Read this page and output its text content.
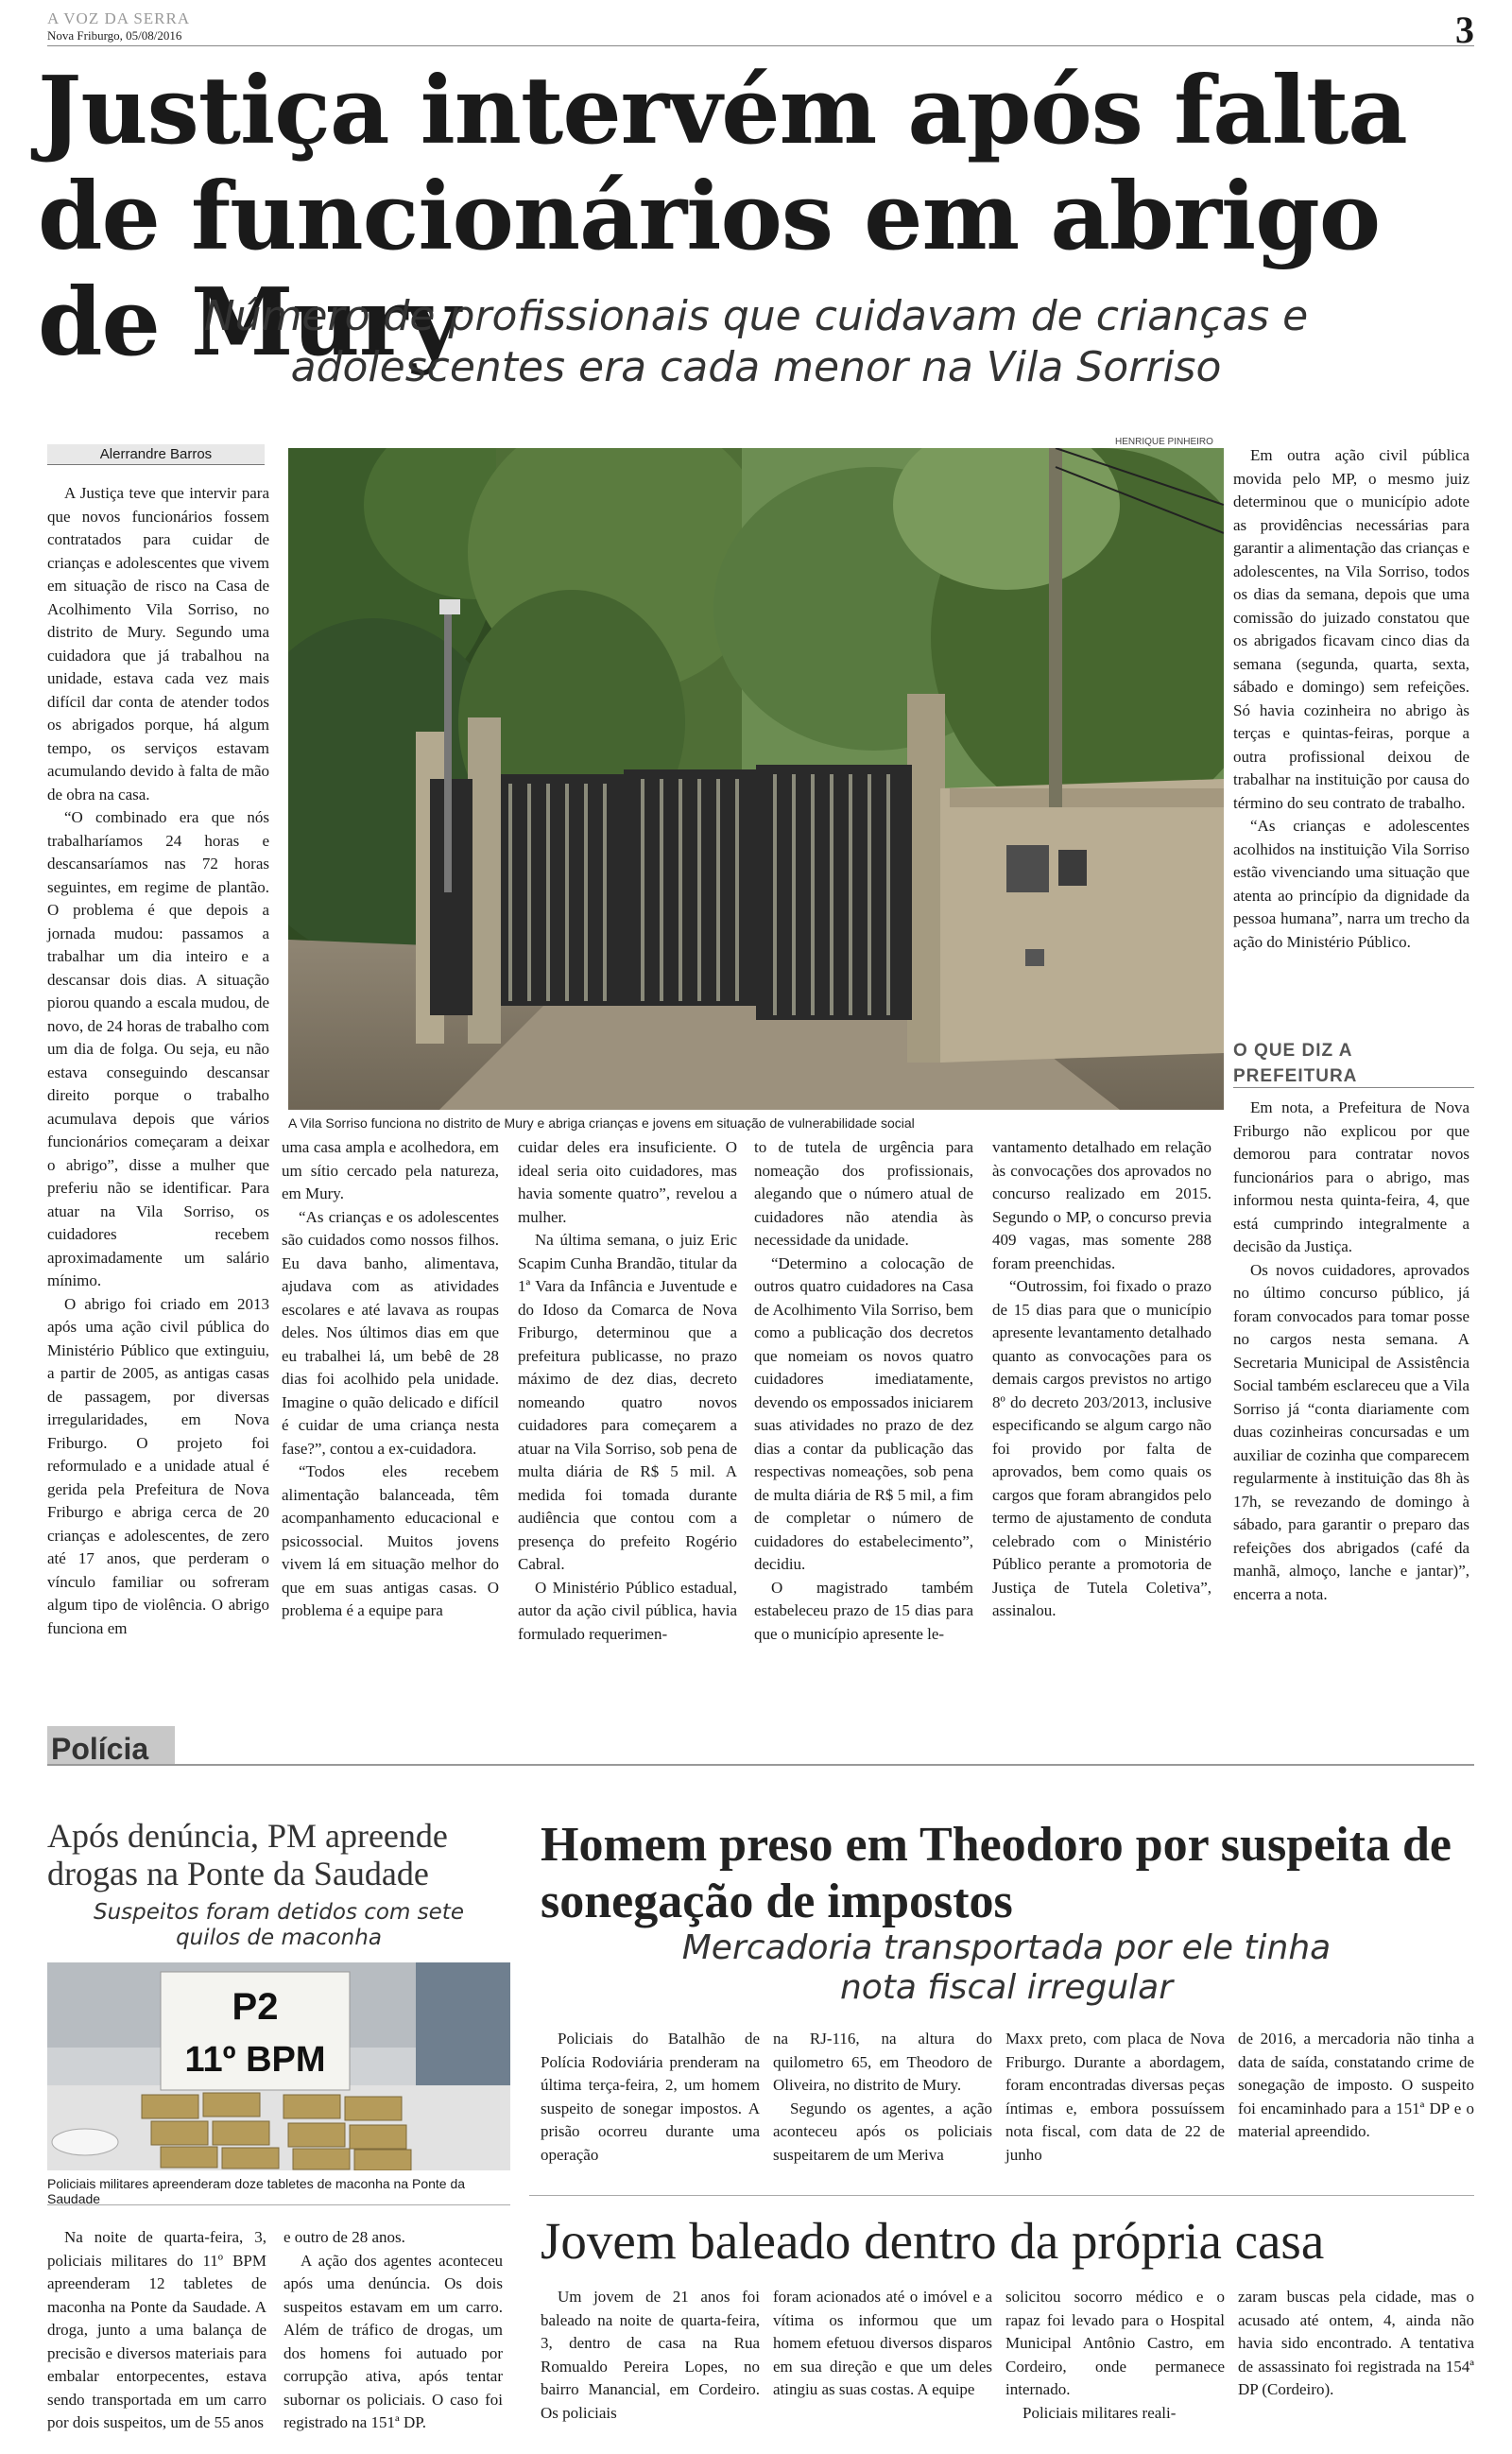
A VOZ DA SERRA
Nova Friburgo, 05/08/2016	3
Justiça intervém após falta de funcionários em abrigo de Mury
Número de profissionais que cuidavam de crianças e adolescentes era cada menor na Vila Sorriso
Alerrandre Barros

A Justiça teve que intervir para que novos funcionários fossem contratados para cuidar de crianças e adolescentes que vivem em situação de risco na Casa de Acolhimento Vila Sorriso, no distrito de Mury. Segundo uma cuidadora que já trabalhou na unidade, estava cada vez mais difícil dar conta de atender todos os abrigados porque, há algum tempo, os serviços estavam acumulando devido à falta de mão de obra na casa.

“O combinado era que nós trabalharíamos 24 horas e descansaríamos nas 72 horas seguintes, em regime de plantão. O problema é que depois a jornada mudou: passamos a trabalhar um dia inteiro e a descansar dois dias. A situação piorou quando a escala mudou, de novo, de 24 horas de trabalho com um dia de folga. Ou seja, eu não estava conseguindo descansar direito porque o trabalho acumulava depois que vários funcionários começaram a deixar o abrigo”, disse a mulher que preferiu não se identificar. Para atuar na Vila Sorriso, os cuidadores recebem aproximadamente um salário mínimo.

O abrigo foi criado em 2013 após uma ação civil pública do Ministério Público que extinguiu, a partir de 2005, as antigas casas de passagem, por diversas irregularidades, em Nova Friburgo. O projeto foi reformulado e a unidade atual é gerida pela Prefeitura de Nova Friburgo e abriga cerca de 20 crianças e adolescentes, de zero até 17 anos, que perderam o vínculo familiar ou sofreram algum tipo de violência. O abrigo funciona em

HENRIQUE PINHEIRO
A Vila Sorriso funciona no distrito de Mury e abriga crianças e jovens em situação de vulnerabilidade social

uma casa ampla e acolhedora, em um sítio cercado pela natureza, em Mury.

“As crianças e os adolescentes são cuidados como nossos filhos. Eu dava banho, alimentava, ajudava com as atividades escolares e até lavava as roupas deles. Nos últimos dias em que eu trabalhei lá, um bebê de 28 dias foi acolhido pela unidade. Imagine o quão delicado e difícil é cuidar de uma criança nesta fase?”, contou a ex-cuidadora.

“Todos eles recebem alimentação balanceada, têm acompanhamento educacional e psicossocial. Muitos jovens vivem lá em situação melhor do que em suas antigas casas. O problema é a equipe para

cuidar deles era insuficiente. O ideal seria oito cuidadores, mas havia somente quatro”, revelou a mulher.

Na última semana, o juiz Eric Scapim Cunha Brandão, titular da 1ª Vara da Infância e Juventude e do Idoso da Comarca de Nova Friburgo, determinou que a prefeitura publicasse, no prazo máximo de dez dias, decreto nomeando quatro novos cuidadores para começarem a atuar na Vila Sorriso, sob pena de multa diária de R$ 5 mil. A medida foi tomada durante audiência que contou com a presença do prefeito Rogério Cabral.

O Ministério Público estadual, autor da ação civil pública, havia formulado requerimen-

to de tutela de urgência para nomeação dos profissionais, alegando que o número atual de cuidadores não atendia às necessidade da unidade.

“Determino a colocação de outros quatro cuidadores na Casa de Acolhimento Vila Sorriso, bem como a publicação dos decretos que nomeiam os novos quatro cuidadores imediatamente, devendo os empossados iniciarem suas atividades no prazo de dez dias a contar da publicação das respectivas nomeações, sob pena de multa diária de R$ 5 mil, a fim de completar o número de cuidadores do estabelecimento”, decidiu.

O magistrado também estabeleceu prazo de 15 dias para que o município apresente le-

vantamento detalhado em relação às convocações dos aprovados no concurso realizado em 2015. Segundo o MP, o concurso previa 409 vagas, mas somente 288 foram preenchidas.

“Outrossim, foi fixado o prazo de 15 dias para que o município apresente levantamento detalhado quanto as convocações para os demais cargos previstos no artigo 8º do decreto 203/2013, inclusive especificando se algum cargo não foi provido por falta de aprovados, bem como quais os cargos que foram abrangidos pelo termo de ajustamento de conduta celebrado com o Ministério Público perante a promotoria de Justiça de Tutela Coletiva”, assinalou.

Em outra ação civil pública movida pelo MP, o mesmo juiz determinou que o município adote as providências necessárias para garantir a alimentação das crianças e adolescentes, na Vila Sorriso, todos os dias da semana, depois que uma comissão do juizado constatou que os abrigados ficavam cinco dias da semana (segunda, quarta, sexta, sábado e domingo) sem refeições. Só havia cozinheira no abrigo às terças e quintas-feiras, porque a outra profissional deixou de trabalhar na instituição por causa do término do seu contrato de trabalho.

“As crianças e adolescentes acolhidos na instituição Vila Sorriso estão vivenciando uma situação que atenta ao princípio da dignidade da pessoa humana”, narra um trecho da ação do Ministério Público.

O QUE DIZ A PREFEITURA

Em nota, a Prefeitura de Nova Friburgo não explicou por que demorou para contratar novos funcionários para o abrigo, mas informou nesta quinta-feira, 4, que está cumprindo integralmente a decisão da Justiça.

Os novos cuidadores, aprovados no último concurso público, já foram convocados para tomar posse no cargos nesta semana. A Secretaria Municipal de Assistência Social também esclareceu que a Vila Sorriso já “conta diariamente com duas cozinheiras concursadas e um auxiliar de cozinha que comparecem regularmente à instituição das 8h às 17h, se revezando de domingo à sábado, para garantir o preparo das refeições dos abrigados (café da manhã, almoço, lanche e jantar)”, encerra a nota.

Polícia
Após denúncia, PM apreende drogas na Ponte da Saudade
Suspeitos foram detidos com sete quilos de maconha
P2
11º BPM
Policiais militares apreenderam doze tabletes de maconha na Ponte da Saudade

Na noite de quarta-feira, 3, policiais militares do 11º BPM apreenderam 12 tabletes de maconha na Ponte da Saudade. A droga, junto a uma balança de precisão e diversos materiais para embalar entorpecentes, estava sendo transportada em um carro por dois suspeitos, um de 55 anos

e outro de 28 anos.

A ação dos agentes aconteceu após uma denúncia. Os dois suspeitos estavam em um carro. Além de tráfico de drogas, um dos homens foi autuado por corrupção ativa, após tentar subornar os policiais. O caso foi registrado na 151ª DP.

Homem preso em Theodoro por suspeita de sonegação de impostos
Mercadoria transportada por ele tinha nota fiscal irregular

Policiais do Batalhão de Polícia Rodoviária prenderam na última terça-feira, 2, um homem suspeito de sonegar impostos. A prisão ocorreu durante uma operação

na RJ-116, na altura do quilometro 65, em Theodoro de Oliveira, no distrito de Mury.

Segundo os agentes, a ação aconteceu após os policiais suspeitarem de um Meriva

Maxx preto, com placa de Nova Friburgo. Durante a abordagem, foram encontradas diversas peças íntimas e, embora possuíssem nota fiscal, com data de 22 de junho

de 2016, a mercadoria não tinha a data de saída, constatando crime de sonegação de imposto. O suspeito foi encaminhado para a 151ª DP e o material apreendido.

Jovem baleado dentro da própria casa

Um jovem de 21 anos foi baleado na noite de quarta-feira, 3, dentro de casa na Rua Romualdo Pereira Lopes, no bairro Manancial, em Cordeiro. Os policiais

foram acionados até o imóvel e a vítima os informou que um homem efetuou diversos disparos em sua direção e que um deles atingiu as suas costas. A equipe

solicitou socorro médico e o rapaz foi levado para o Hospital Municipal Antônio Castro, em Cordeiro, onde permanece internado.

Policiais militares reali-

zaram buscas pela cidade, mas o acusado até ontem, 4, ainda não havia sido encontrado. A tentativa de assassinato foi registrada na 154ª DP (Cordeiro).
